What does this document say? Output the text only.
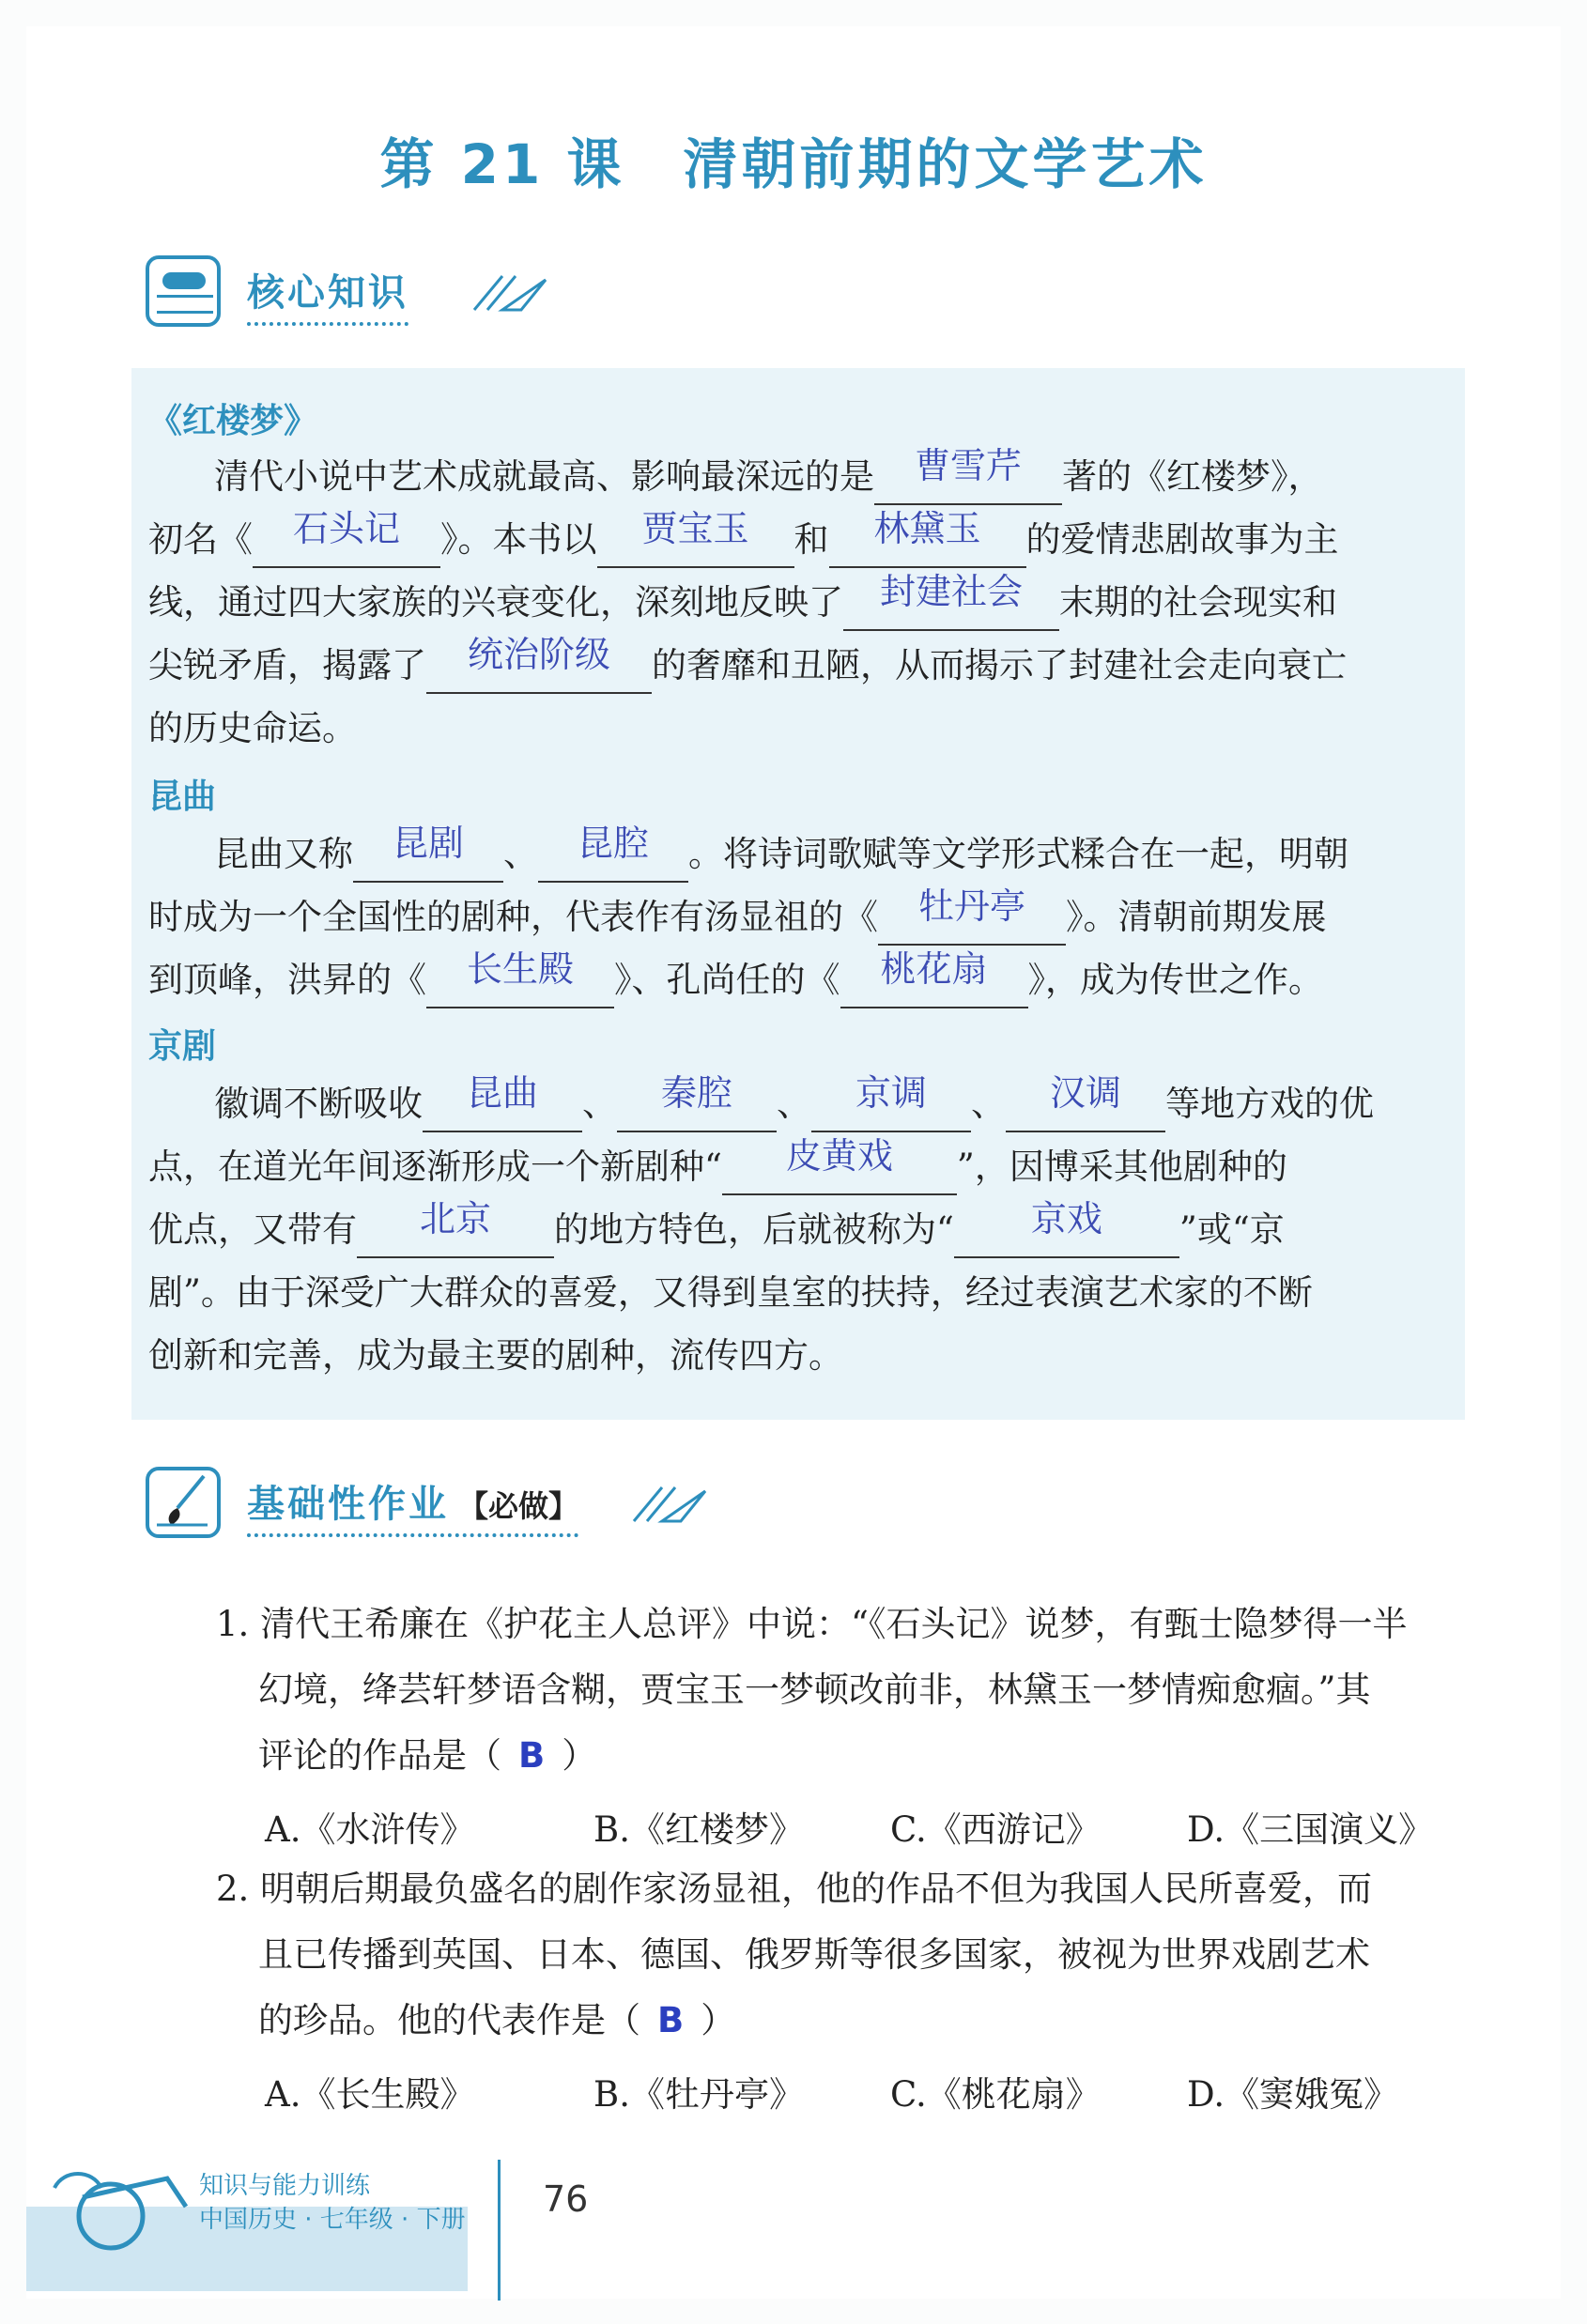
第 21 课　清朝前期的文学艺术
核心知识
《红楼梦》
清代小说中艺术成就最高、影响最深远的是	曹雪芹	著的《红楼梦》，
初名《	石头记	》。本书以	贾宝玉	和	林黛玉	的爱情悲剧故事为主
线，通过四大家族的兴衰变化，深刻地反映了	封建社会	末期的社会现实和
尖锐矛盾，揭露了	统治阶级	的奢靡和丑陋，从而揭示了封建社会走向衰亡
的历史命运。
昆曲
昆曲又称	昆剧	、	昆腔	。将诗词歌赋等文学形式糅合在一起，明朝
时成为一个全国性的剧种，代表作有汤显祖的《	牡丹亭	》。清朝前期发展
到顶峰，洪昇的《	长生殿	》、孔尚任的《	桃花扇	》，成为传世之作。
京剧
徽调不断吸收	昆曲	、	秦腔	、	京调	、	汉调	等地方戏的优
点，在道光年间逐渐形成一个新剧种“	皮黄戏	”，因博采其他剧种的
优点，又带有	北京	的地方特色，后就被称为“	京戏	”或“京
剧”。由于深受广大群众的喜爱，又得到皇室的扶持，经过表演艺术家的不断
创新和完善，成为最主要的剧种，流传四方。
基础性作业 【必做】
1. 清代王希廉在《护花主人总评》中说：“《石头记》说梦，有甄士隐梦得一半
幻境，绛芸轩梦语含糊，贾宝玉一梦顿改前非，林黛玉一梦情痴愈痼。”其
评论的作品是（ B ）
A.《水浒传》	B.《红楼梦》 C.《西游记》 D.《三国演义》
2. 明朝后期最负盛名的剧作家汤显祖，他的作品不但为我国人民所喜爱，而
且已传播到英国、日本、德国、俄罗斯等很多国家，被视为世界戏剧艺术
的珍品。他的代表作是（ B ）
A.《长生殿》	B.《牡丹亭》 C.《桃花扇》 D.《窦娥冤》
知识与能力训练
中国历史 · 七年级 · 下册 76
